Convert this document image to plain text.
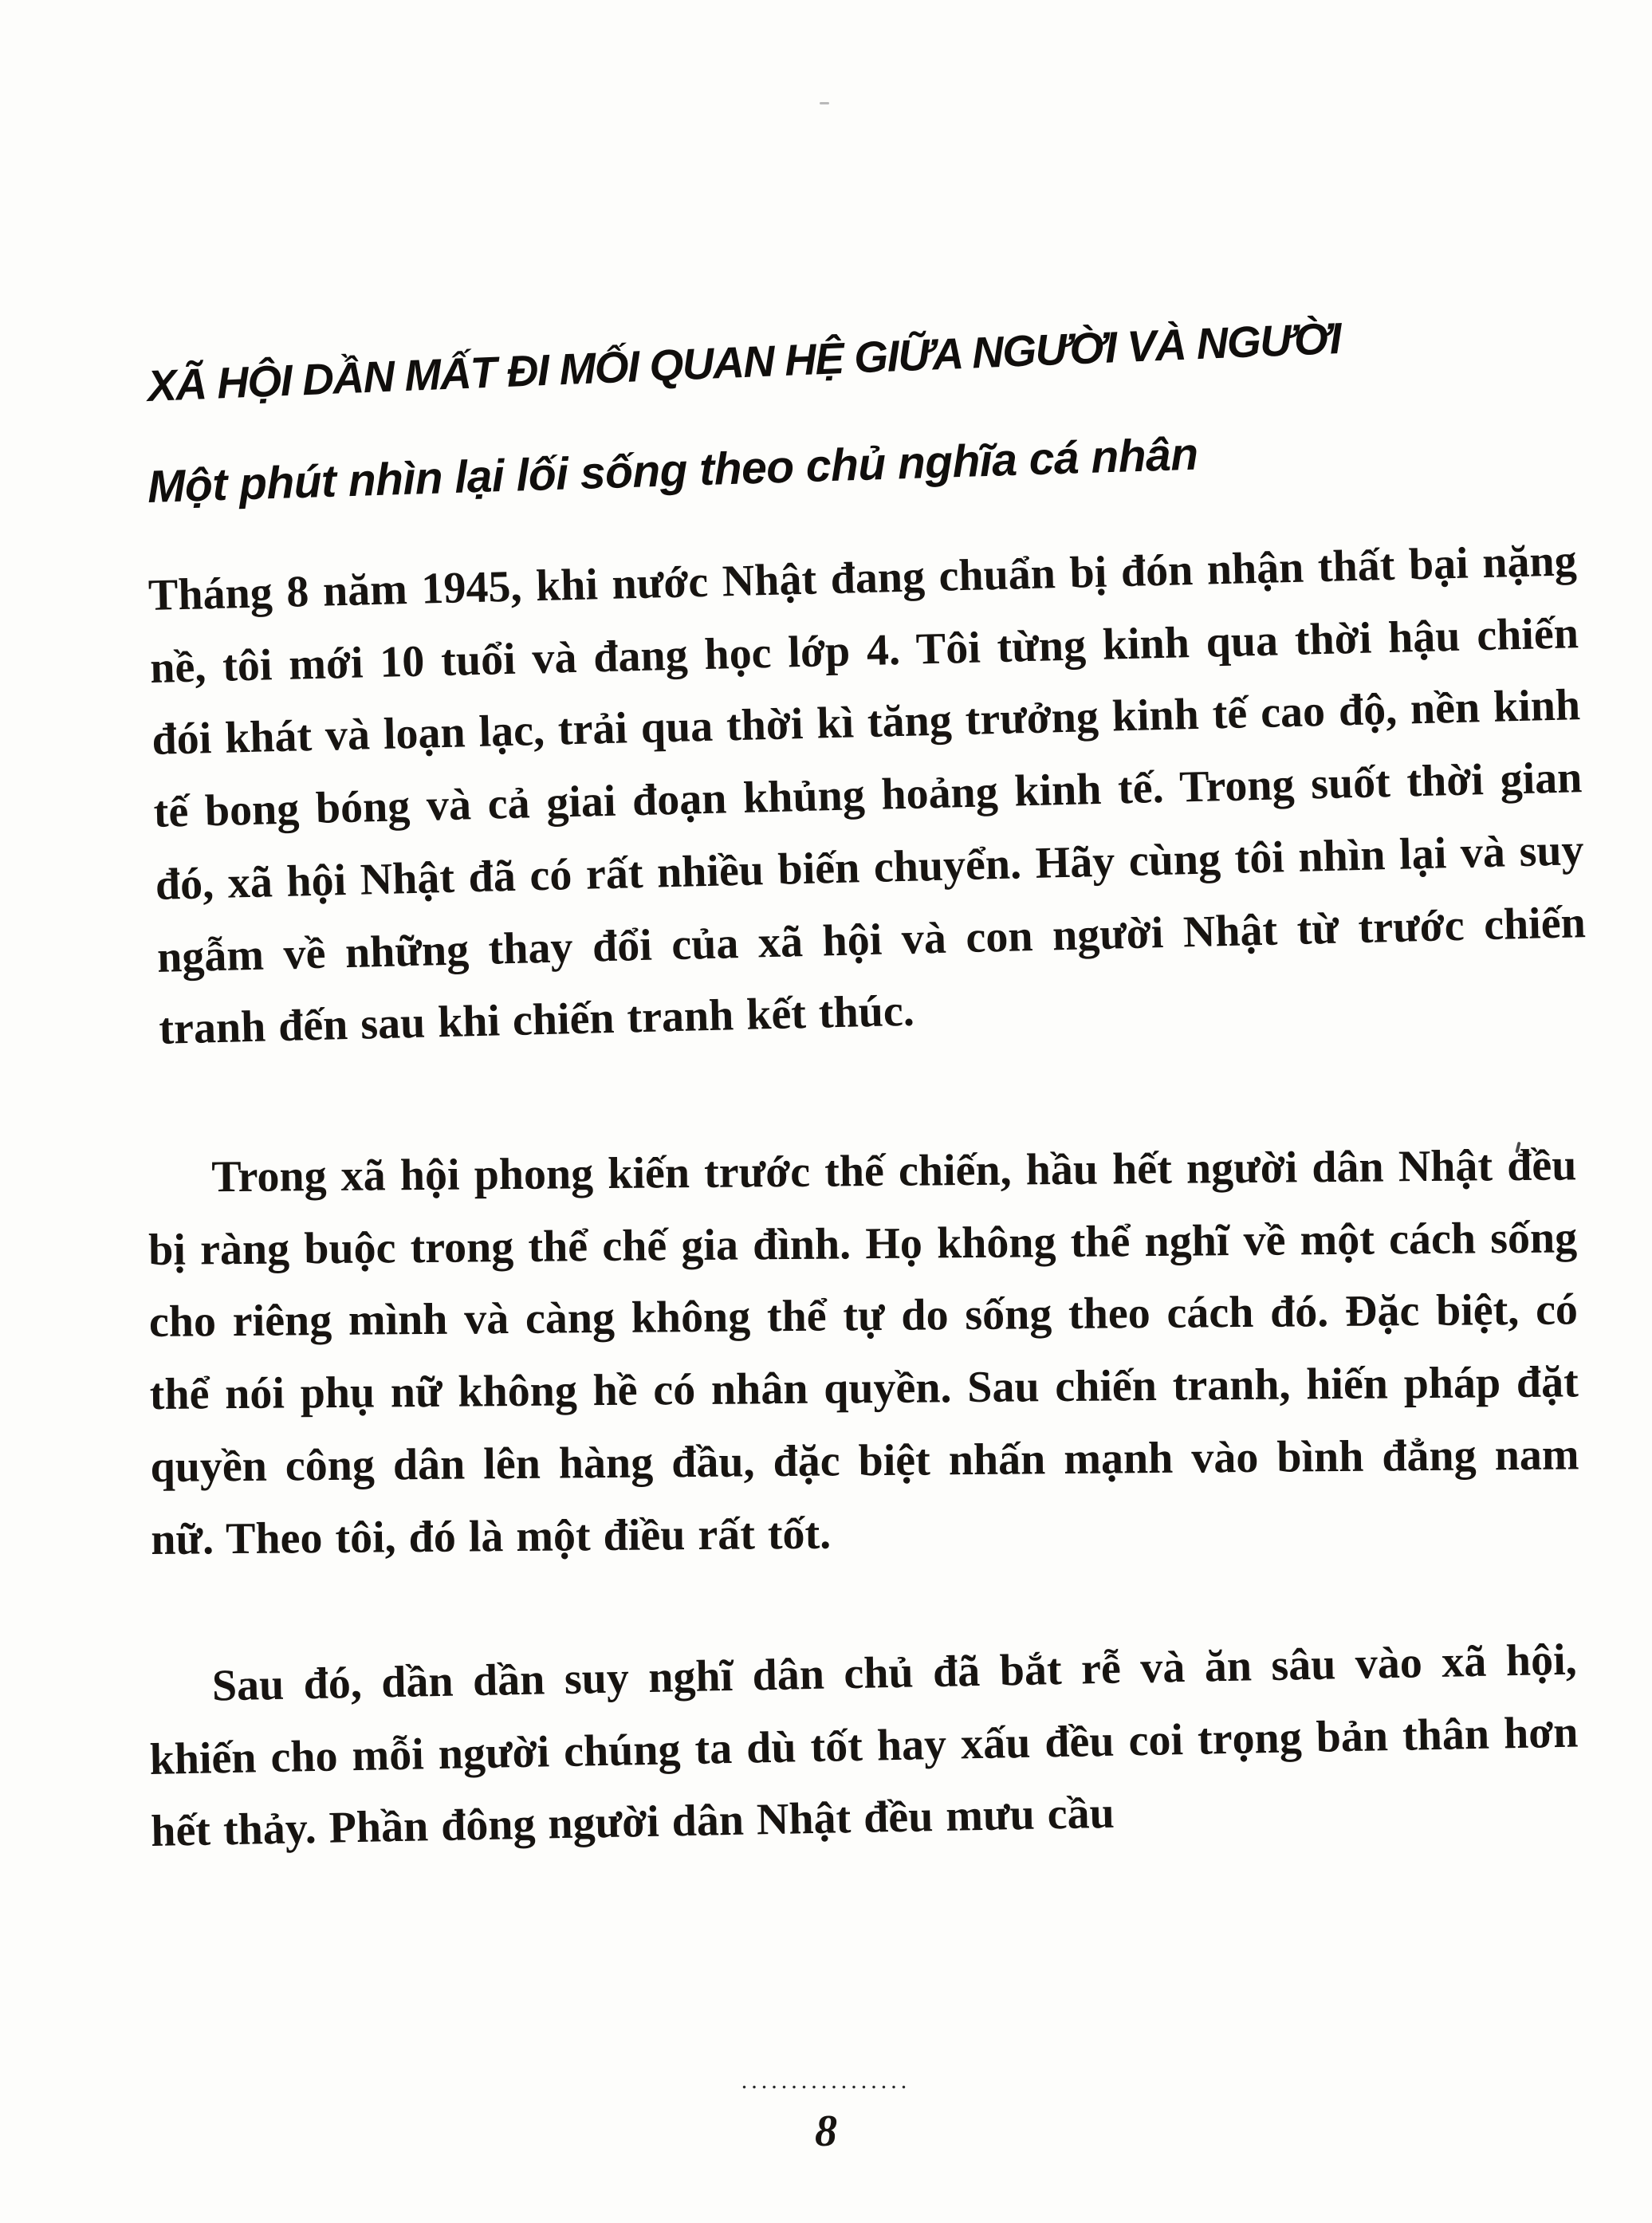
XÃ HỘI DẦN MẤT ĐI MỐI QUAN HỆ GIỮA NGƯỜI VÀ NGƯỜI
Một phút nhìn lại lối sống theo chủ nghĩa cá nhân

Tháng 8 năm 1945, khi nước Nhật đang chuẩn bị đón nhận thất bại nặng nề, tôi mới 10 tuổi và đang học lớp 4. Tôi từng kinh qua thời hậu chiến đói khát và loạn lạc, trải qua thời kì tăng trưởng kinh tế cao độ, nền kinh tế bong bóng và cả giai đoạn khủng hoảng kinh tế. Trong suốt thời gian đó, xã hội Nhật đã có rất nhiều biến chuyển. Hãy cùng tôi nhìn lại và suy ngẫm về những thay đổi của xã hội và con người Nhật từ trước chiến tranh đến sau khi chiến tranh kết thúc.

Trong xã hội phong kiến trước thế chiến, hầu hết người dân Nhật đều bị ràng buộc trong thể chế gia đình. Họ không thể nghĩ về một cách sống cho riêng mình và càng không thể tự do sống theo cách đó. Đặc biệt, có thể nói phụ nữ không hề có nhân quyền. Sau chiến tranh, hiến pháp đặt quyền công dân lên hàng đầu, đặc biệt nhấn mạnh vào bình đẳng nam nữ. Theo tôi, đó là một điều rất tốt.

Sau đó, dần dần suy nghĩ dân chủ đã bắt rễ và ăn sâu vào xã hội, khiến cho mỗi người chúng ta dù tốt hay xấu đều coi trọng bản thân hơn hết thảy. Phần đông người dân Nhật đều mưu cầu

.................
8
